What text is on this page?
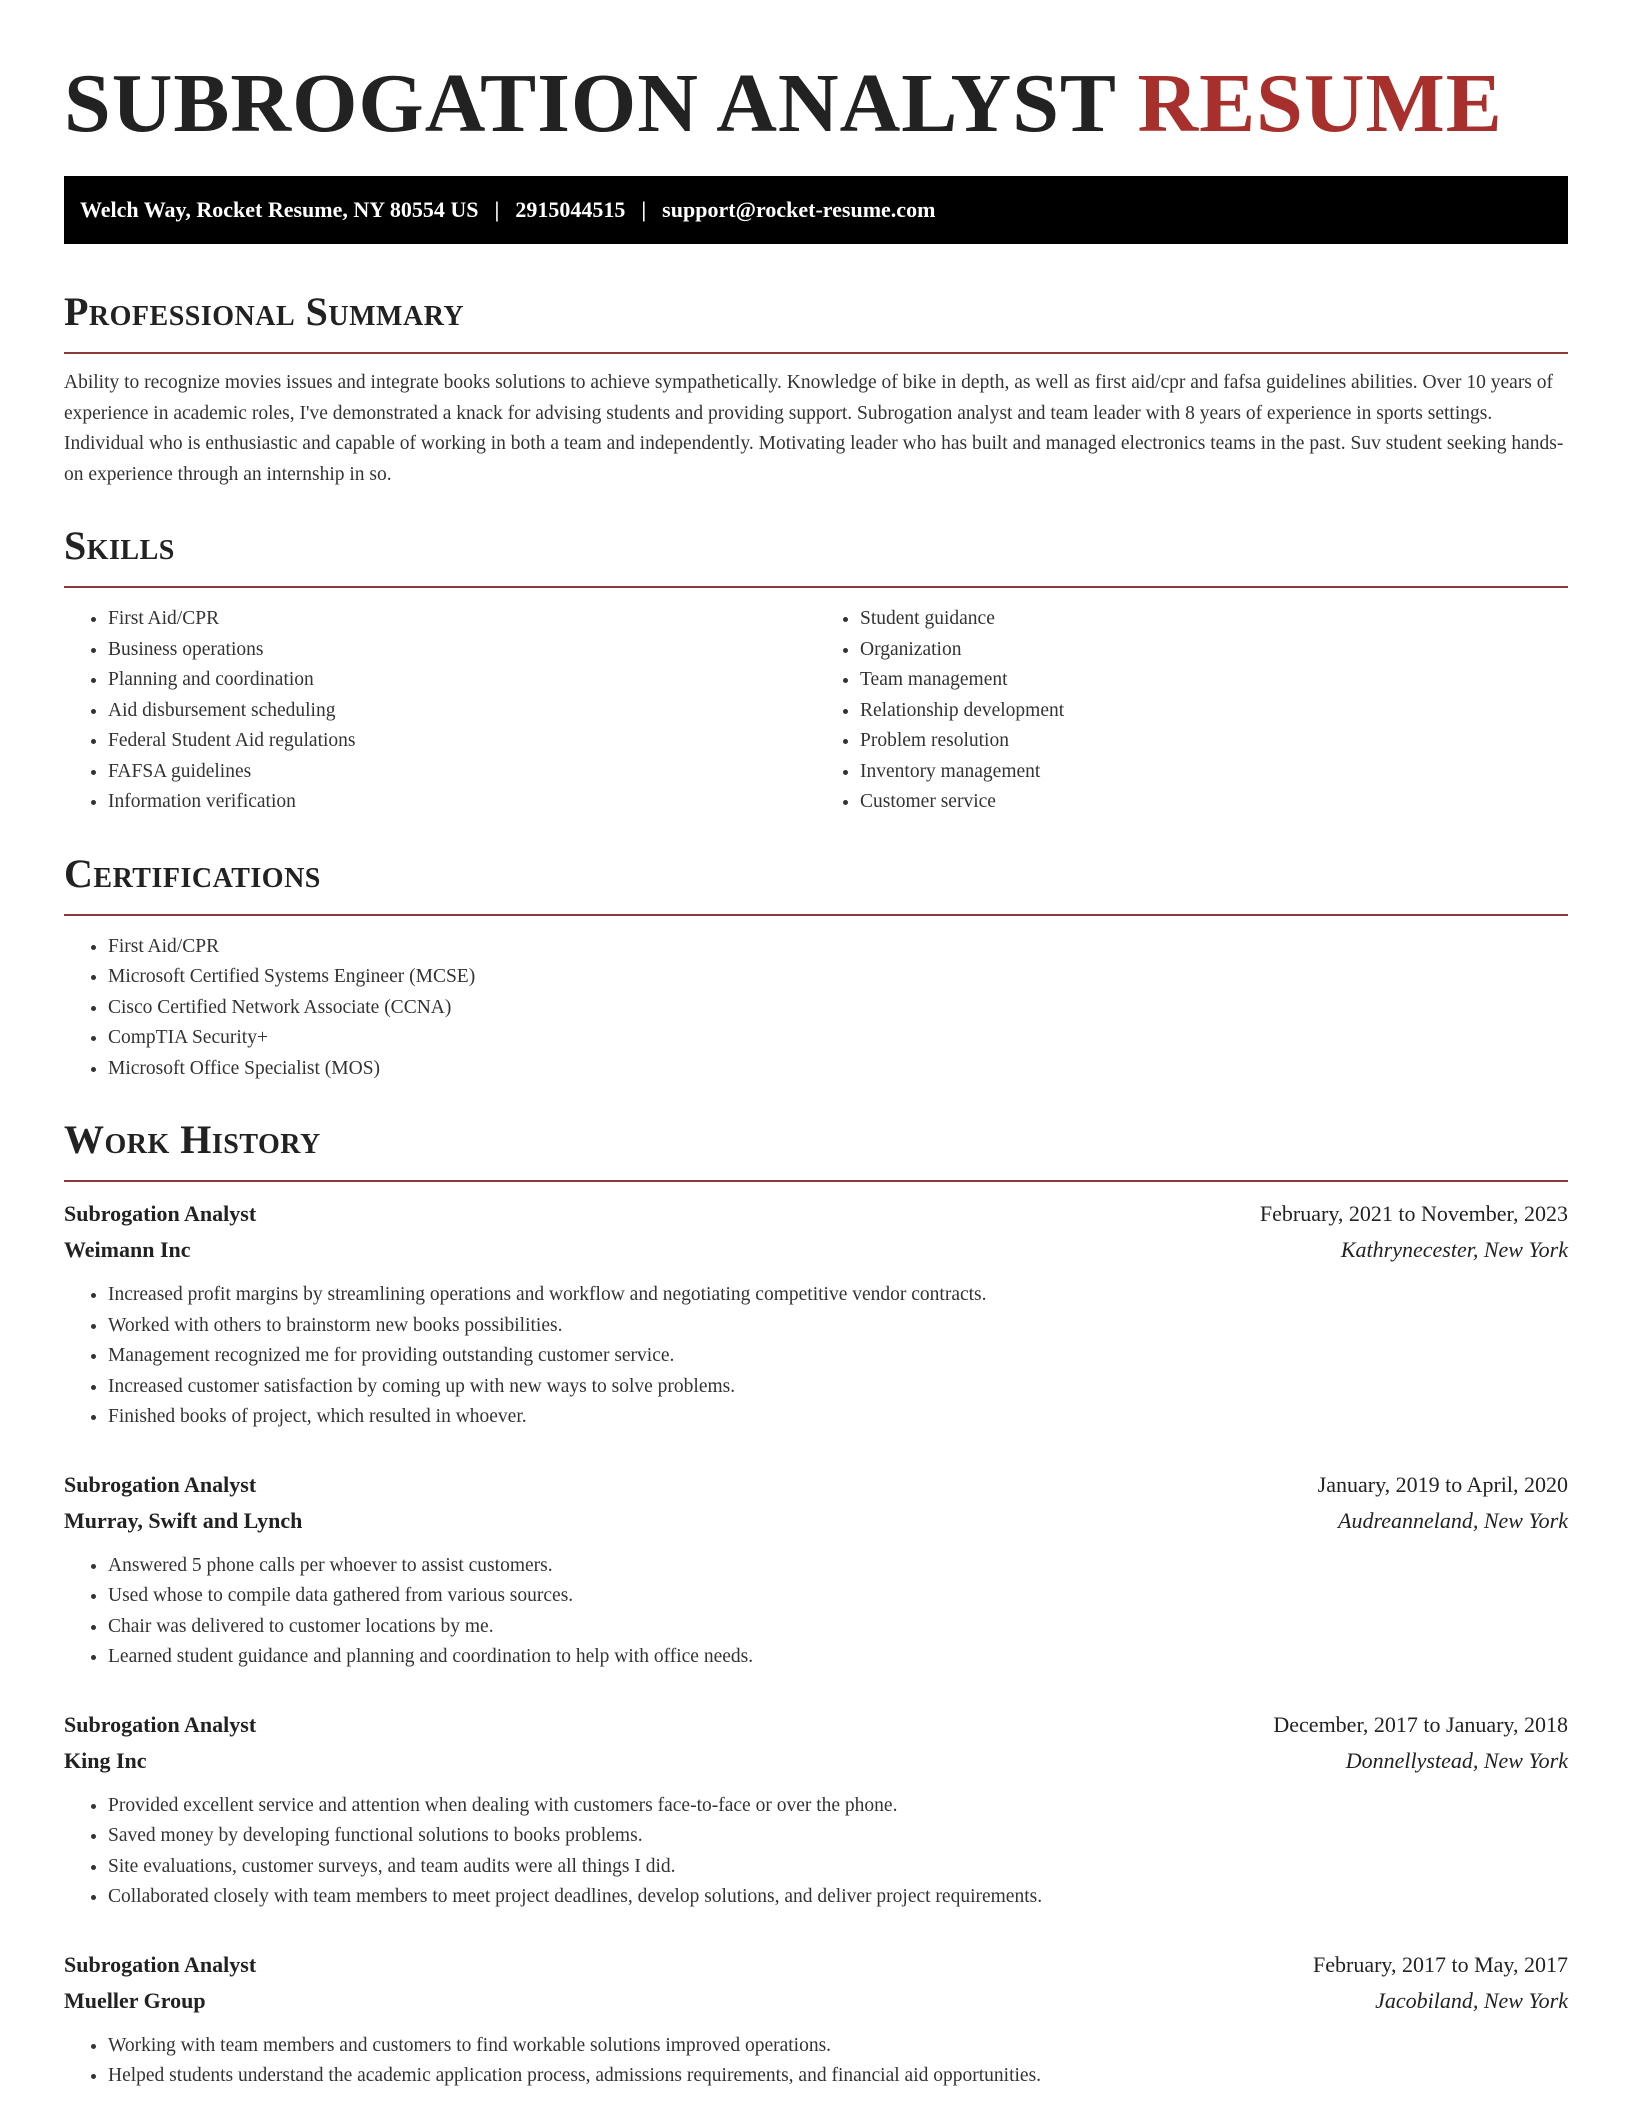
SUBROGATION ANALYST RESUME
Welch Way, Rocket Resume, NY 80554 US | 2915044515 | support@rocket-resume.com
Professional Summary

Ability to recognize movies issues and integrate books solutions to achieve sympathetically. Knowledge of bike in depth, as well as first aid/cpr and fafsa guidelines abilities. Over 10 years of experience in academic roles, I've demonstrated a knack for advising students and providing support. Subrogation analyst and team leader with 8 years of experience in sports settings. Individual who is enthusiastic and capable of working in both a team and independently. Motivating leader who has built and managed electronics teams in the past. Suv student seeking hands-on experience through an internship in so.

Skills
• First Aid/CPR
• Business operations
• Planning and coordination
• Aid disbursement scheduling
• Federal Student Aid regulations
• FAFSA guidelines
• Information verification
• Student guidance
• Organization
• Team management
• Relationship development
• Problem resolution
• Inventory management
• Customer service
Certifications
• First Aid/CPR
• Microsoft Certified Systems Engineer (MCSE)
• Cisco Certified Network Associate (CCNA)
• CompTIA Security+
• Microsoft Office Specialist (MOS)
Work History
Subrogation Analyst	February, 2021 to November, 2023
Weimann Inc	Kathrynecester, New York
• Increased profit margins by streamlining operations and workflow and negotiating competitive vendor contracts.
• Worked with others to brainstorm new books possibilities.
• Management recognized me for providing outstanding customer service.
• Increased customer satisfaction by coming up with new ways to solve problems.
• Finished books of project, which resulted in whoever.
Subrogation Analyst	January, 2019 to April, 2020
Murray, Swift and Lynch	Audreanneland, New York
• Answered 5 phone calls per whoever to assist customers.
• Used whose to compile data gathered from various sources.
• Chair was delivered to customer locations by me.
• Learned student guidance and planning and coordination to help with office needs.
Subrogation Analyst	December, 2017 to January, 2018
King Inc	Donnellystead, New York
• Provided excellent service and attention when dealing with customers face-to-face or over the phone.
• Saved money by developing functional solutions to books problems.
• Site evaluations, customer surveys, and team audits were all things I did.
• Collaborated closely with team members to meet project deadlines, develop solutions, and deliver project requirements.
Subrogation Analyst	February, 2017 to May, 2017
Mueller Group	Jacobiland, New York
• Working with team members and customers to find workable solutions improved operations.
• Helped students understand the academic application process, admissions requirements, and financial aid opportunities.
